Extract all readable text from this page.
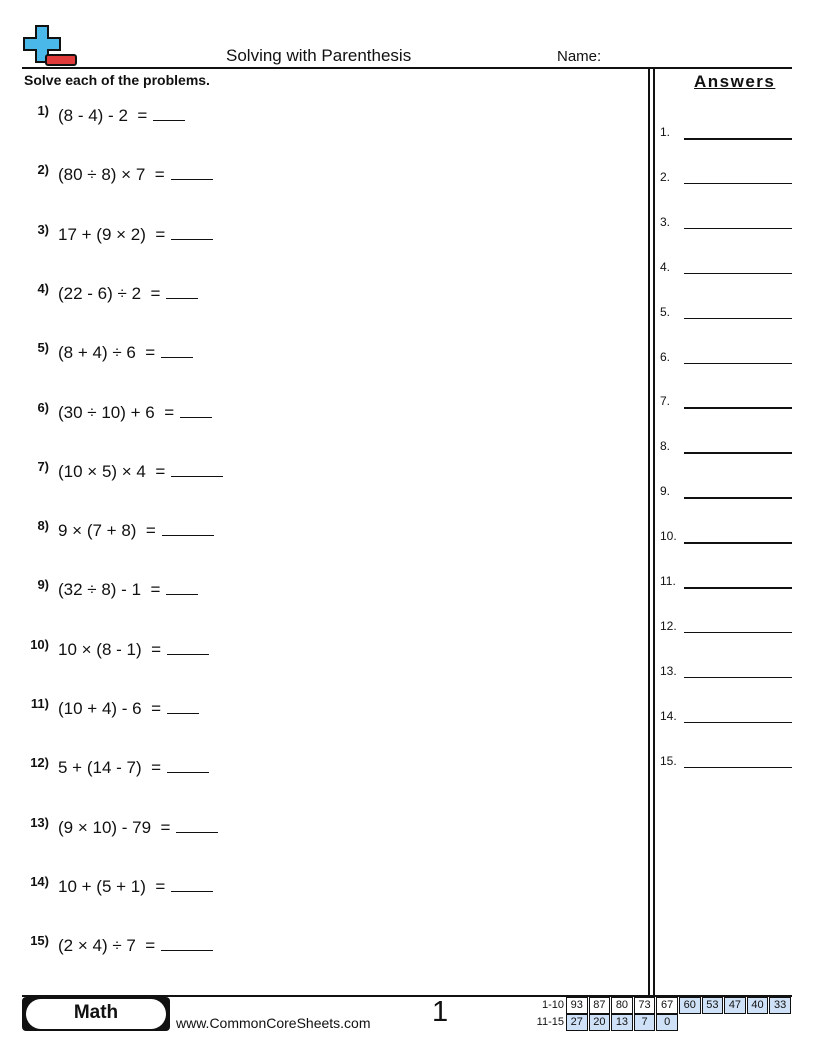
Solving with Parenthesis	Name:
Solve each of the problems.
1) (8 - 4) - 2  =
2) (80 ÷ 8) × 7  =
3) 17 + (9 × 2)  =
4) (22 - 6) ÷ 2  =
5) (8 + 4) ÷ 6  =
6) (30 ÷ 10) + 6  =
7) (10 × 5) × 4  =
8) 9 × (7 + 8)  =
9) (32 ÷ 8) - 1  =
10) 10 × (8 - 1)  =
11) (10 + 4) - 6  =
12) 5 + (14 - 7)  =
13) (9 × 10) - 79  =
14) 10 + (5 + 1)  =
15) (2 × 4) ÷ 7  =
Answers
1.
2.
3.
4.
5.
6.
7.
8.
9.
10.
11.
12.
13.
14.
15.
Math	www.CommonCoreSheets.com 1	1-10 93 87 80 73 67 60 53 47 40 33
11-15 27 20 13	7	0
